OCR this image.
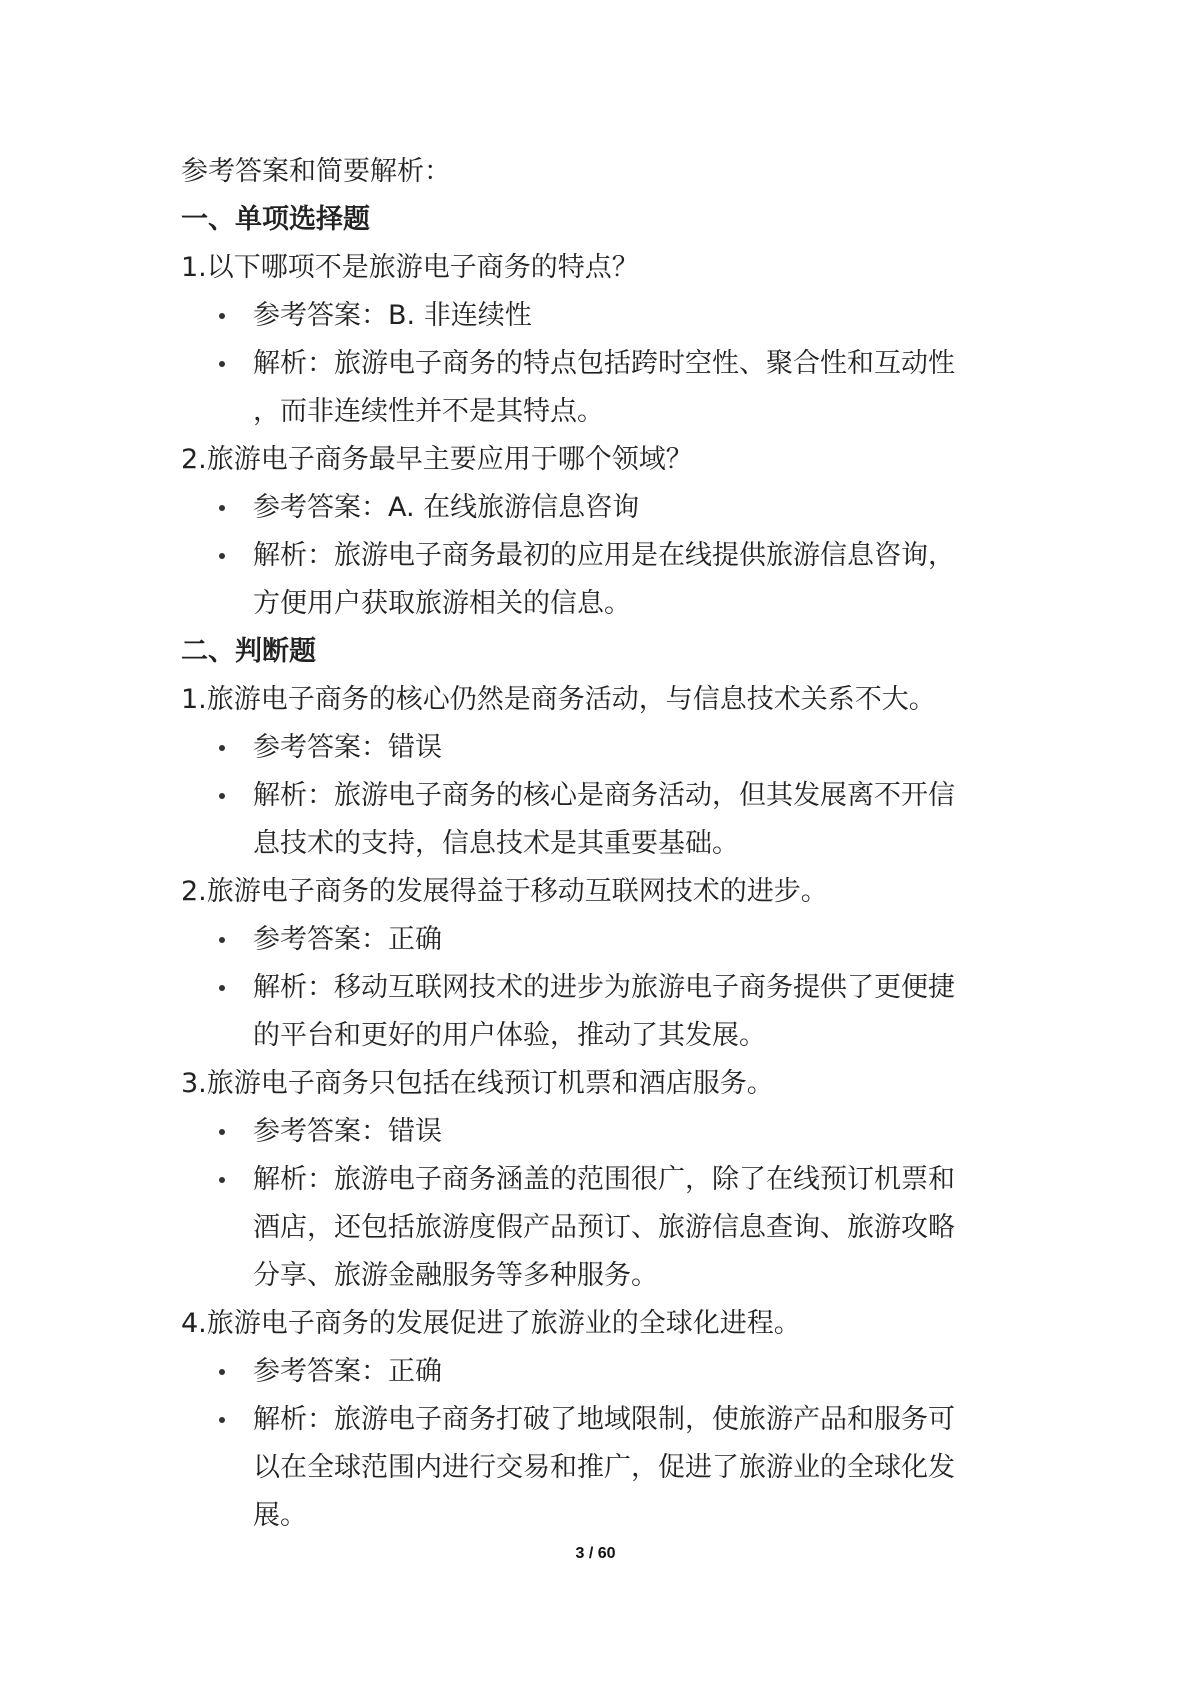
参考答案和简要解析：
一、单项选择题
1.以下哪项不是旅游电子商务的特点？
参考答案：B. 非连续性
解析：旅游电子商务的特点包括跨时空性、聚合性和互动性
，而非连续性并不是其特点。
2.旅游电子商务最早主要应用于哪个领域？
参考答案：A. 在线旅游信息咨询
解析：旅游电子商务最初的应用是在线提供旅游信息咨询，
方便用户获取旅游相关的信息。
二、判断题
1.旅游电子商务的核心仍然是商务活动，与信息技术关系不大。
参考答案：错误
解析：旅游电子商务的核心是商务活动，但其发展离不开信
息技术的支持，信息技术是其重要基础。
2.旅游电子商务的发展得益于移动互联网技术的进步。
参考答案：正确
解析：移动互联网技术的进步为旅游电子商务提供了更便捷
的平台和更好的用户体验，推动了其发展。
3.旅游电子商务只包括在线预订机票和酒店服务。
参考答案：错误
解析：旅游电子商务涵盖的范围很广，除了在线预订机票和
酒店，还包括旅游度假产品预订、旅游信息查询、旅游攻略
分享、旅游金融服务等多种服务。
4.旅游电子商务的发展促进了旅游业的全球化进程。
参考答案：正确
解析：旅游电子商务打破了地域限制，使旅游产品和服务可
以在全球范围内进行交易和推广，促进了旅游业的全球化发
展。
3 / 60
